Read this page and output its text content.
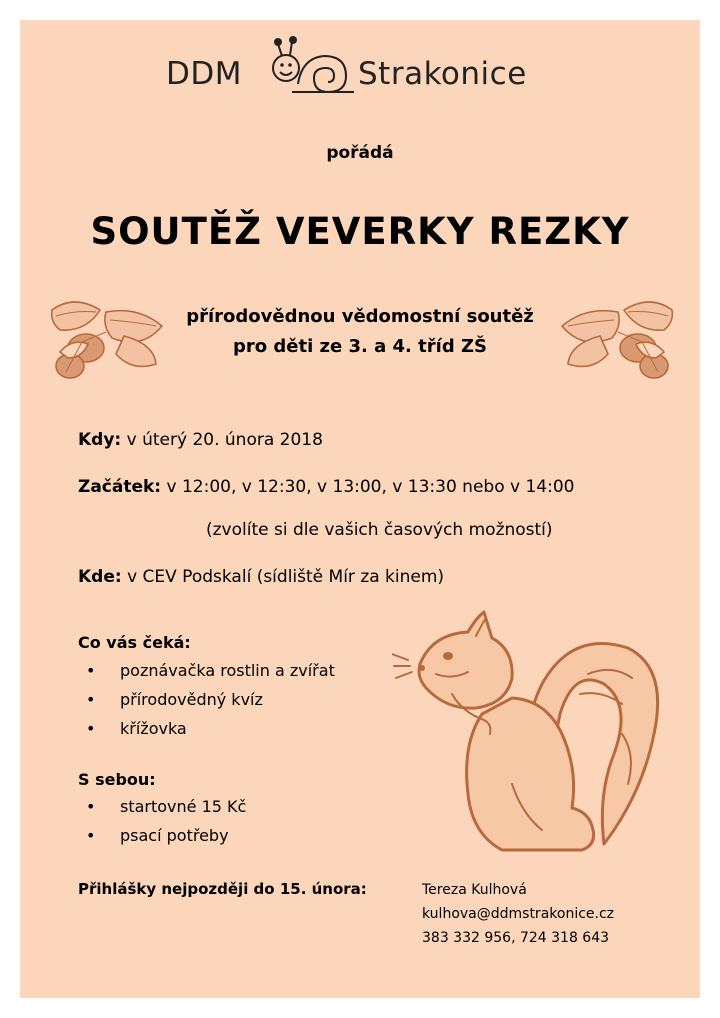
DDM	Strakonice
pořádá
SOUTĚŽ VEVERKY REZKY
přírodovědnou vědomostní soutěž
pro děti ze 3. a 4. tříd ZŠ
Kdy: v úterý 20. února 2018
Začátek: v 12:00, v 12:30, v 13:00, v 13:30 nebo v 14:00
(zvolíte si dle vašich časových možností)
Kde: v CEV Podskalí (sídliště Mír za kinem)
Co vás čeká:
• poznávačka rostlin a zvířat
• přírodovědný kvíz
• křížovka
S sebou:
• startovné 15 Kč
• psací potřeby
Přihlášky nejpozději do 15. února:	Tereza Kulhová
kulhova@ddmstrakonice.cz
383 332 956, 724 318 643
